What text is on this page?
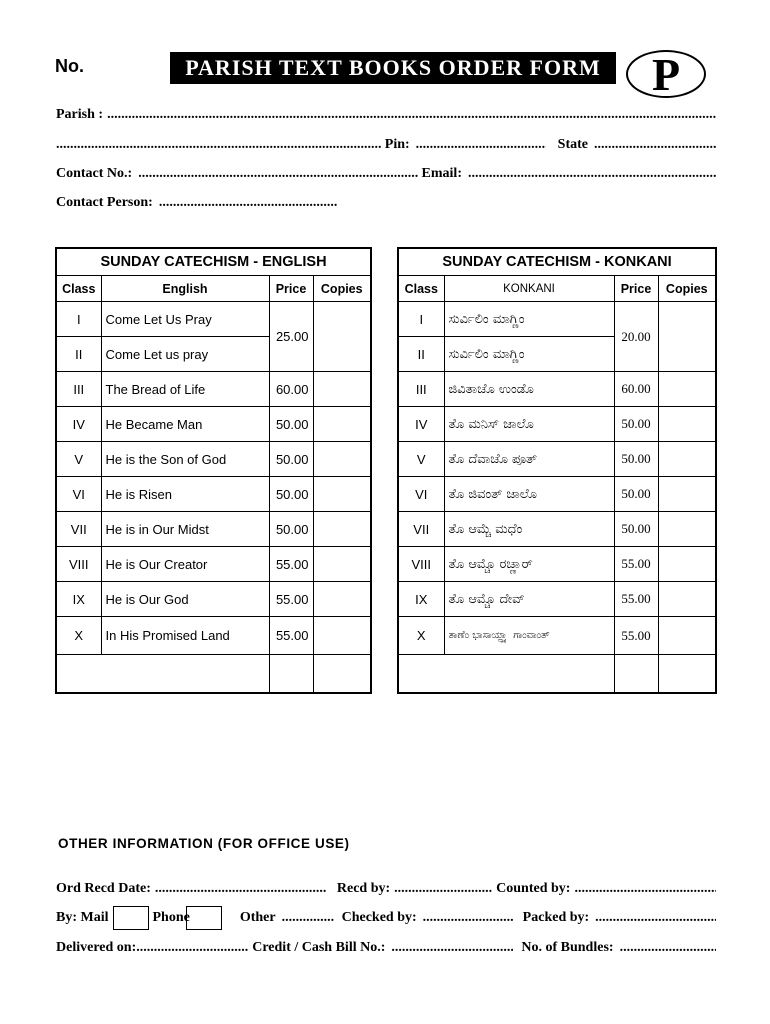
No.	PARISH TEXT BOOKS ORDER FORM	P
Parish :
.....
.....
Pin: .....	State
.....
Contact No.: .....	Email:
.....
Contact Person:
.....
SUNDAY CATECHISM - ENGLISH			
Class	English	Price	Copies
I	Come Let Us Pray	25.00	
II	Come Let us pray		
III	The Bread of Life	60.00	
IV	He Became Man	50.00	
V	He is the Son of God	50.00	
VI	He is Risen	50.00	
VII	He is in Our Midst	50.00	
VIII	He is Our Creator	55.00	
IX	He is Our God	55.00	
X	In His Promised Land	55.00	

SUNDAY CATECHISM - KONKANI			
Class	KONKANI	Price	Copies
I	ಸುರ್ವಿಲಿಂ ಮಾಗ್ಣಿಂ	20.00	
II	ಸುರ್ವಿಲಿಂ ಮಾಗ್ಣಿಂ		
III	ಜಿವಿತಾಚೊ ಉಂಡೊ	60.00	
IV	ತೊ ಮನಿಸ್ ಜಾಲೊ	50.00	
V	ತೊ ದೆವಾಚೊ ಪೂತ್	50.00	
VI	ತೊ ಜಿವಂತ್ ಜಾಲೊ	50.00	
VII	ತೊ ಆಮ್ಚೆ ಮಧೆಂ	50.00	
VIII	ತೊ ಆಮ್ಚೊ ರಚ್ಣಾರ್	55.00	
IX	ತೊ ಆಮ್ಚೊ ದೇವ್	55.00	
X	ತಾಣೆಂ ಭಾಸಾಯ್ಲ್ಲ್ಯಾ ಗಾಂವಾಂತ್	55.00	

OTHER INFORMATION (FOR OFFICE USE)
Ord Recd Date: .....	Recd by: .....	Counted by:
.....
By: Mail	Phone	Other .....	Checked by: .....	Packed by:
.....
Delivered on: .....	Credit / Cash Bill No.: .....	No. of Bundles:
.....
